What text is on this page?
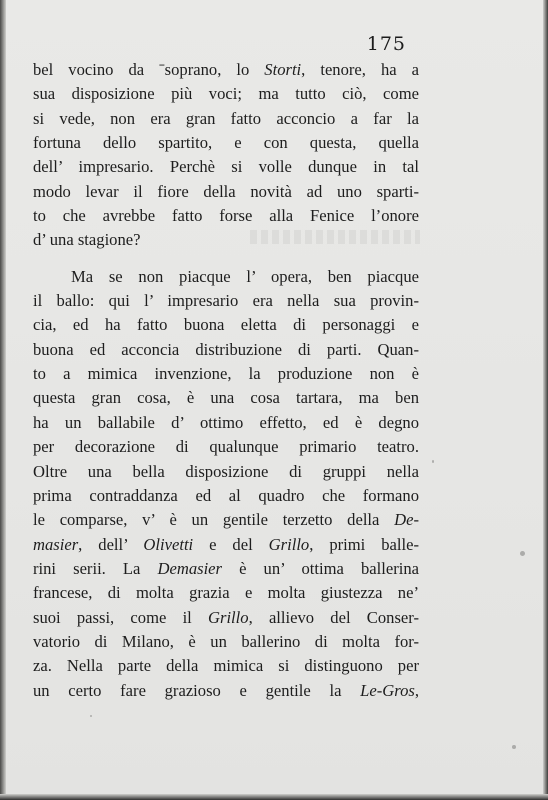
175
bel vocino da ˉsoprano, lo Storti, tenore, ha a
sua disposizione più voci; ma tutto ciò, come
si vede, non era gran fatto acconcio a far la
fortuna dello spartito, e con questa, quella
dell’ impresario. Perchè si volle dunque in tal
modo levar il fiore della novità ad uno sparti-
to che avrebbe fatto forse alla Fenice l’onore
d’ una stagione?
Ma se non piacque l’ opera, ben piacque
il ballo: qui l’ impresario era nella sua provin-
cia, ed ha fatto buona eletta di personaggi e
buona ed acconcia distribuzione di parti. Quan-
to a mimica invenzione, la produzione non è
questa gran cosa, è una cosa tartara, ma ben
ha un ballabile d’ ottimo effetto, ed è degno
per decorazione di qualunque primario teatro.
Oltre una bella disposizione di gruppi nella
prima contraddanza ed al quadro che formano
le comparse, v’ è un gentile terzetto della De-
masier, dell’ Olivetti e del Grillo, primi balle-
rini serii. La Demasier è un’ ottima ballerina
francese, di molta grazia e molta giustezza ne’
suoi passi, come il Grillo, allievo del Conser-
vatorio di Milano, è un ballerino di molta for-
za. Nella parte della mimica si distinguono per
un certo fare grazioso e gentile la Le-Gros,
